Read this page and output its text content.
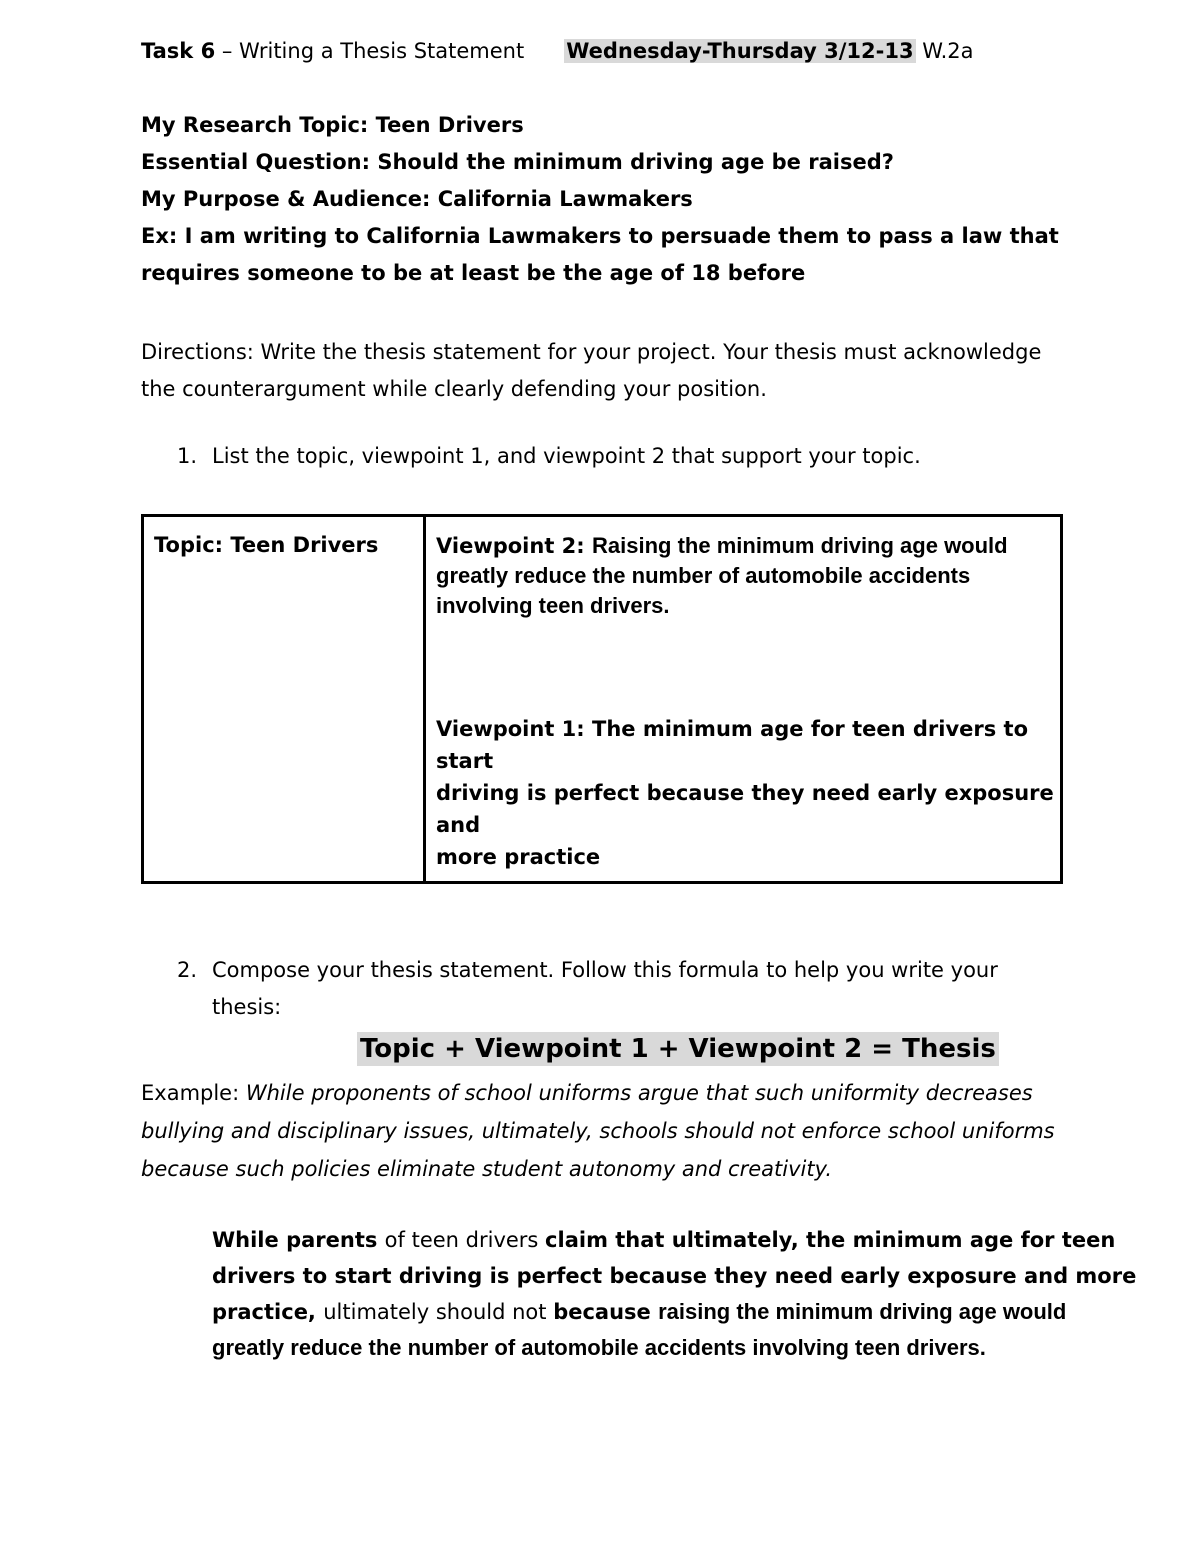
Task 6 – Writing a Thesis Statement Wednesday-Thursday 3/12-13 W.2a
My Research Topic: Teen Drivers
Essential Question: Should the minimum driving age be raised?
My Purpose & Audience: California Lawmakers
Ex: I am writing to California Lawmakers to persuade them to pass a law that
requires someone to be at least be the age of 18 before

Directions: Write the thesis statement for your project. Your thesis must acknowledge

the counterargument while clearly defending your position.

1. List the topic, viewpoint 1, and viewpoint 2 that support your topic.
2. Compose your thesis statement. Follow this formula to help you write your
thesis:
Topic: Teen Drivers	Viewpoint 2: Raising the minimum driving age would
greatly reduce the number of automobile accidents
involving teen drivers.
Viewpoint 1: The minimum age for teen drivers to start
driving is perfect because they need early exposure and
more practice
Topic + Viewpoint 1 + Viewpoint 2 = Thesis

Example: While proponents of school uniforms argue that such uniformity decreases

bullying and disciplinary issues, ultimately, schools should not enforce school uniforms

because such policies eliminate student autonomy and creativity.

While parents of teen drivers claim that ultimately, the minimum age for teen

drivers to start driving is perfect because they need early exposure and more

practice, ultimately should not because raising the minimum driving age would

greatly reduce the number of automobile accidents involving teen drivers.
